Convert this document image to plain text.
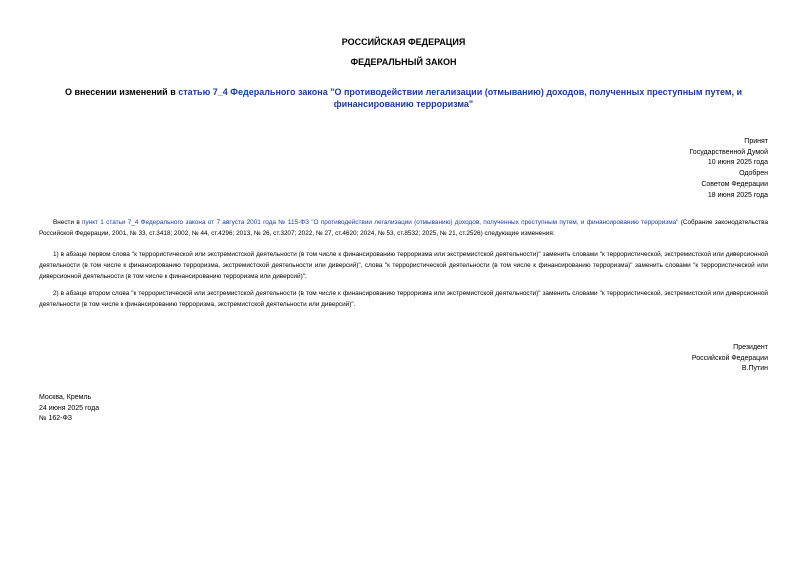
РОССИЙСКАЯ ФЕДЕРАЦИЯ
ФЕДЕРАЛЬНЫЙ ЗАКОН
О внесении изменений в статью 7_4 Федерального закона "О противодействии легализации (отмыванию) доходов, полученных преступным путем, и финансированию терроризма"
Принят
Государственной Думой
10 июня 2025 года
Одобрен
Советом Федерации
18 июня 2025 года

Внести в пункт 1 статьи 7_4 Федерального закона от 7 августа 2001 года № 115-ФЗ "О противодействии легализации (отмыванию) доходов, полученных преступным путем, и финансированию терроризма" (Собрание законодательства Российской Федерации, 2001, № 33, ст.3418; 2002, № 44, ст.4296; 2013, № 26, ст.3207; 2022, № 27, ст.4620; 2024, № 53, ст.8532; 2025, № 21, ст.2526) следующие изменения:

1) в абзаце первом слова "к террористической или экстремистской деятельности (в том числе к финансированию терроризма или экстремистской деятельности)" заменить словами "к террористической, экстремистской или диверсионной деятельности (в том числе к финансированию терроризма, экстремистской деятельности или диверсий)", слова "к террористической деятельности (в том числе к финансированию терроризма)" заменить словами "к террористической или диверсионной деятельности (в том числе к финансированию терроризма или диверсий)";

2) в абзаце втором слова "к террористической или экстремистской деятельности (в том числе к финансированию терроризма или экстремистской деятельности)" заменить словами "к террористической, экстремистской или диверсионной деятельности (в том числе к финансированию терроризма, экстремистской деятельности или диверсий)".

Президент
Российской Федерации
В.Путин
Москва, Кремль
24 июня 2025 года
№ 162-ФЗ
